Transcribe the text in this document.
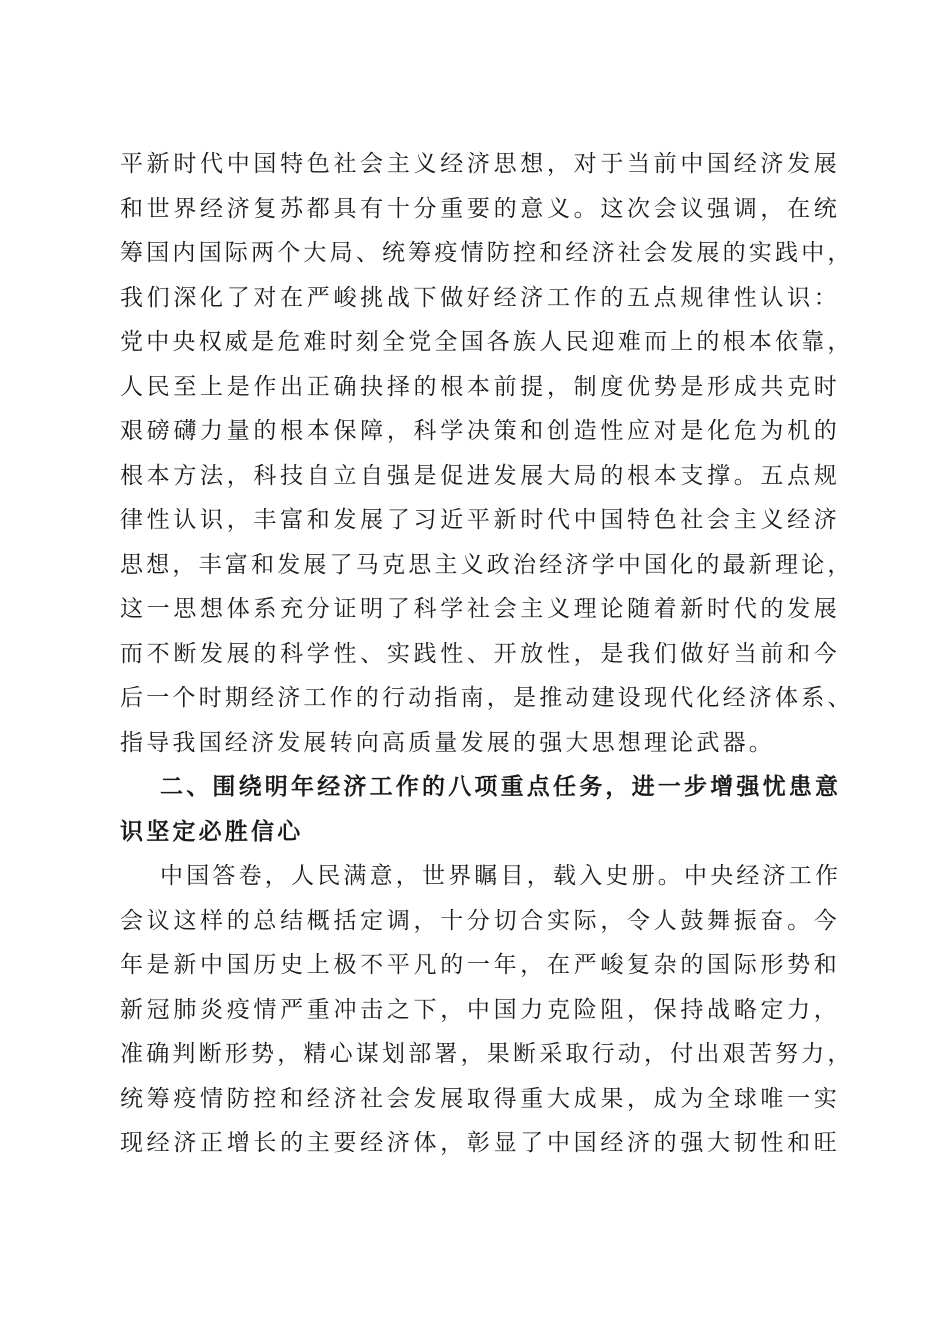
平新时代中国特色社会主义经济思想，对于当前中国经济发展
和世界经济复苏都具有十分重要的意义。这次会议强调，在统
筹国内国际两个大局、统筹疫情防控和经济社会发展的实践中，
我们深化了对在严峻挑战下做好经济工作的五点规律性认识：
党中央权威是危难时刻全党全国各族人民迎难而上的根本依靠，
人民至上是作出正确抉择的根本前提，制度优势是形成共克时
艰磅礴力量的根本保障，科学决策和创造性应对是化危为机的
根本方法，科技自立自强是促进发展大局的根本支撑。五点规
律性认识，丰富和发展了习近平新时代中国特色社会主义经济
思想，丰富和发展了马克思主义政治经济学中国化的最新理论，
这一思想体系充分证明了科学社会主义理论随着新时代的发展
而不断发展的科学性、实践性、开放性，是我们做好当前和今
后一个时期经济工作的行动指南，是推动建设现代化经济体系、
指导我国经济发展转向高质量发展的强大思想理论武器。
二、围绕明年经济工作的八项重点任务，进一步增强忧患意
识坚定必胜信心
中国答卷，人民满意，世界瞩目，载入史册。中央经济工作
会议这样的总结概括定调，十分切合实际，令人鼓舞振奋。今
年是新中国历史上极不平凡的一年，在严峻复杂的国际形势和
新冠肺炎疫情严重冲击之下，中国力克险阻，保持战略定力，
准确判断形势，精心谋划部署，果断采取行动，付出艰苦努力，
统筹疫情防控和经济社会发展取得重大成果，成为全球唯一实
现经济正增长的主要经济体，彰显了中国经济的强大韧性和旺
